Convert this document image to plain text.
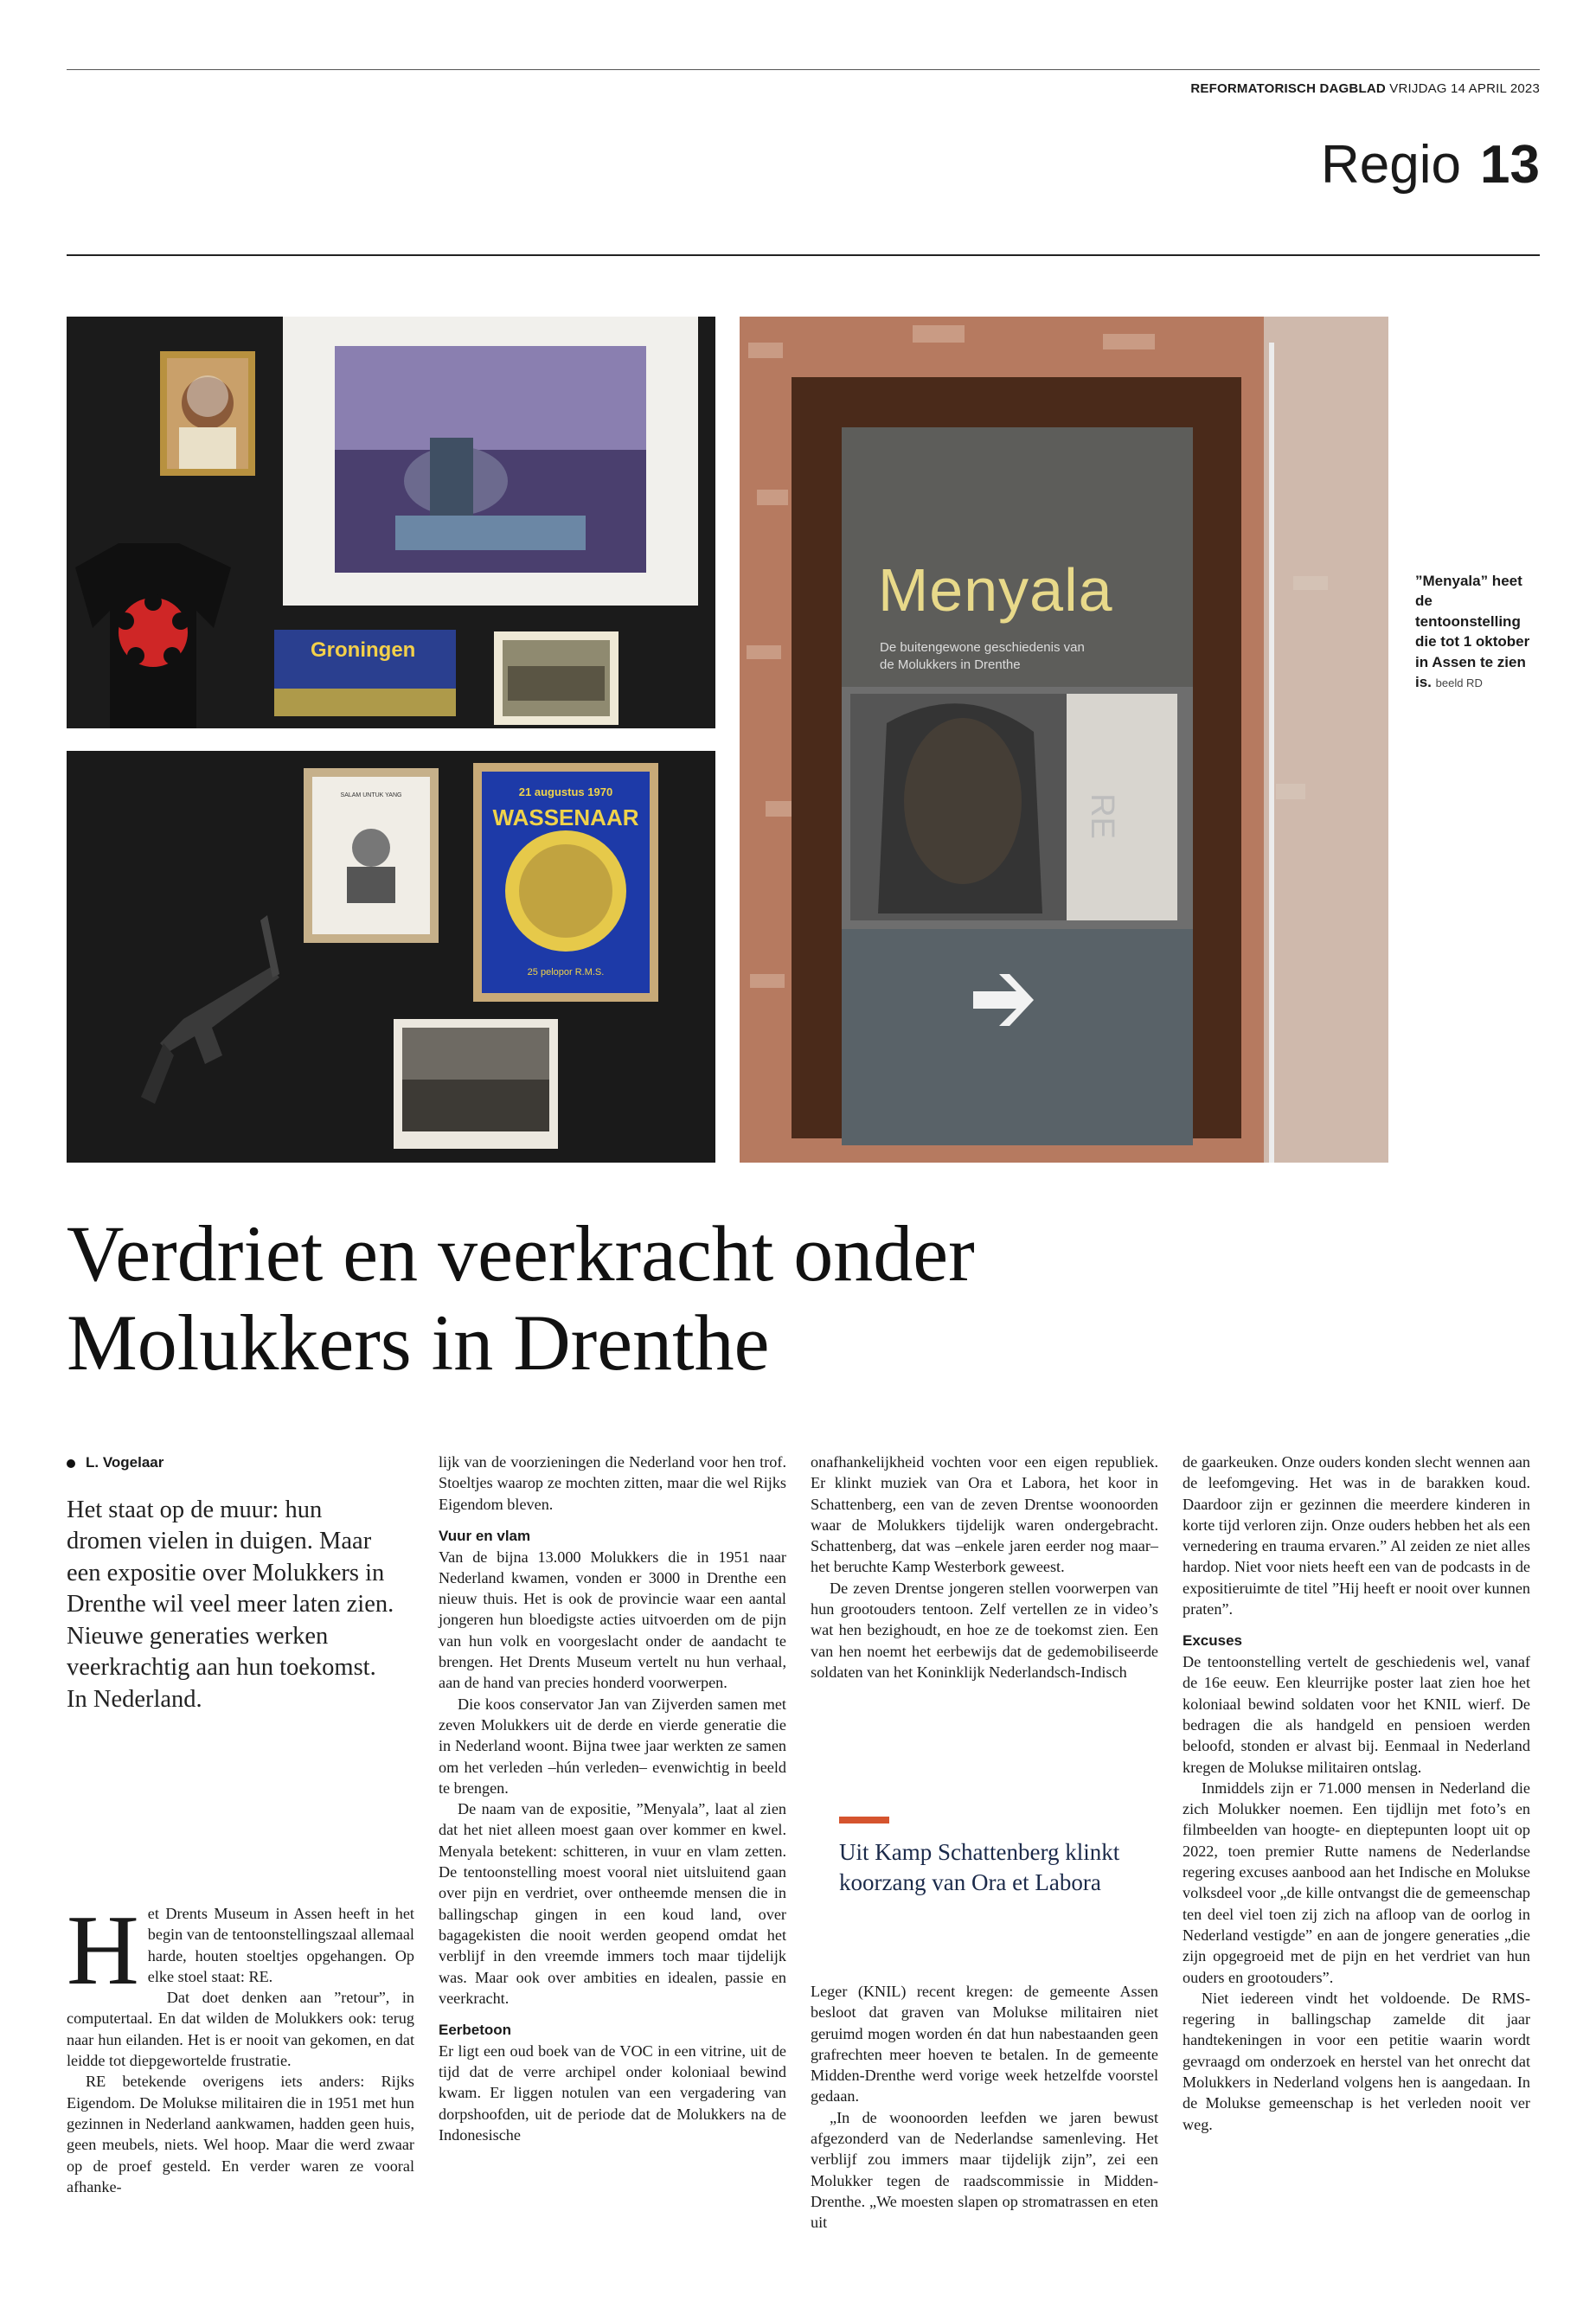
REFORMATORISCH DAGBLAD VRIJDAG 14 APRIL 2023
Regio 13
Groningen
SALAM UNTUK YANG	21 augustus 1970
WASSENAAR
25 pelopor R.M.S.
Menyala
De buitengewone geschiedenis van
de Molukkers in Drenthe
RE
”Menyala” heet de tentoonstelling die tot 1 oktober in Assen te zien is. beeld RD
Verdriet en veerkracht onder
Molukkers in Drenthe
L. Vogelaar
Het staat op de muur: hun dromen vielen in duigen. Maar een expositie over Molukkers in Drenthe wil veel meer laten zien. Nieuwe generaties werken veerkrachtig aan hun toekomst. In Nederland.

Het Drents Museum in Assen heeft in het begin van de tentoonstellingszaal allemaal harde, houten stoeltjes opgehangen. Op elke stoel staat: RE.

Dat doet denken aan ”retour”, in computertaal. En dat wilden de Molukkers ook: terug naar hun eilanden. Het is er nooit van gekomen, en dat leidde tot diepgewortelde frustratie.

RE betekende overigens iets anders: Rijks Eigendom. De Molukse militairen die in 1951 met hun gezinnen in Nederland aankwamen, hadden geen huis, geen meubels, niets. Wel hoop. Maar die werd zwaar op de proef gesteld. En verder waren ze vooral afhanke-

lijk van de voorzieningen die Nederland voor hen trof. Stoeltjes waarop ze mochten zitten, maar die wel Rijks Eigendom bleven.

Vuur en vlam

Van de bijna 13.000 Molukkers die in 1951 naar Nederland kwamen, vonden er 3000 in Drenthe een nieuw thuis. Het is ook de provincie waar een aantal jongeren hun bloedigste acties uitvoerden om de pijn van hun volk en voorgeslacht onder de aandacht te brengen. Het Drents Museum vertelt nu hun verhaal, aan de hand van precies honderd voorwerpen.

Die koos conservator Jan van Zijverden samen met zeven Molukkers uit de derde en vierde generatie die in Nederland woont. Bijna twee jaar werkten ze samen om het verleden –hún verleden– evenwichtig in beeld te brengen.

De naam van de expositie, ”Menyala”, laat al zien dat het niet alleen moest gaan over kommer en kwel. Menyala betekent: schitteren, in vuur en vlam zetten. De tentoonstelling moest vooral niet uitsluitend gaan over pijn en verdriet, over ontheemde mensen die in ballingschap gingen in een koud land, over bagagekisten die nooit werden geopend omdat het verblijf in den vreemde immers toch maar tijdelijk was. Maar ook over ambities en idealen, passie en veerkracht.

Eerbetoon

Er ligt een oud boek van de VOC in een vitrine, uit de tijd dat de verre archipel onder koloniaal bewind kwam. Er liggen notulen van een vergadering van dorpshoofden, uit de periode dat de Molukkers na de Indonesische

onafhankelijkheid vochten voor een eigen republiek. Er klinkt muziek van Ora et Labora, het koor in Schattenberg, een van de zeven Drentse woonoorden waar de Molukkers tijdelijk waren ondergebracht. Schattenberg, dat was –enkele jaren eerder nog maar– het beruchte Kamp Westerbork geweest.

De zeven Drentse jongeren stellen voorwerpen van hun grootouders tentoon. Zelf vertellen ze in video’s wat hen bezighoudt, en hoe ze de toekomst zien. Een van hen noemt het eerbewijs dat de gedemobiliseerde soldaten van het Koninklijk Nederlandsch-Indisch

Uit Kamp Schattenberg klinkt koorzang van Ora et Labora

Leger (KNIL) recent kregen: de gemeente Assen besloot dat graven van Molukse militairen niet geruimd mogen worden én dat hun nabestaanden geen grafrechten meer hoeven te betalen. In de gemeente Midden-Drenthe werd vorige week hetzelfde voorstel gedaan.

„In de woonoorden leefden we jaren bewust afgezonderd van de Nederlandse samenleving. Het verblijf zou immers maar tijdelijk zijn”, zei een Molukker tegen de raadscommissie in Midden-Drenthe. „We moesten slapen op stromatrassen en eten uit

de gaarkeuken. Onze ouders konden slecht wennen aan de leefomgeving. Het was in de barakken koud. Daardoor zijn er gezinnen die meerdere kinderen in korte tijd verloren zijn. Onze ouders hebben het als een vernedering en trauma ervaren.” Al zeiden ze niet alles hardop. Niet voor niets heeft een van de podcasts in de expositieruimte de titel ”Hij heeft er nooit over kunnen praten”.

Excuses

De tentoonstelling vertelt de geschiedenis wel, vanaf de 16e eeuw. Een kleurrijke poster laat zien hoe het koloniaal bewind soldaten voor het KNIL wierf. De bedragen die als handgeld en pensioen werden beloofd, stonden er alvast bij. Eenmaal in Nederland kregen de Molukse militairen ontslag.

Inmiddels zijn er 71.000 mensen in Nederland die zich Molukker noemen. Een tijdlijn met foto’s en filmbeelden van hoogte- en dieptepunten loopt uit op 2022, toen premier Rutte namens de Nederlandse regering excuses aanbood aan het Indische en Molukse volksdeel voor „de kille ontvangst die de gemeenschap ten deel viel toen zij zich na afloop van de oorlog in Nederland vestigde” en aan de jongere generaties „die zijn opgegroeid met de pijn en het verdriet van hun ouders en grootouders”.

Niet iedereen vindt het voldoende. De RMS-regering in ballingschap zamelde dit jaar handtekeningen in voor een petitie waarin wordt gevraagd om onderzoek en herstel van het onrecht dat Molukkers in Nederland volgens hen is aangedaan. In de Molukse gemeenschap is het verleden nooit ver weg.
